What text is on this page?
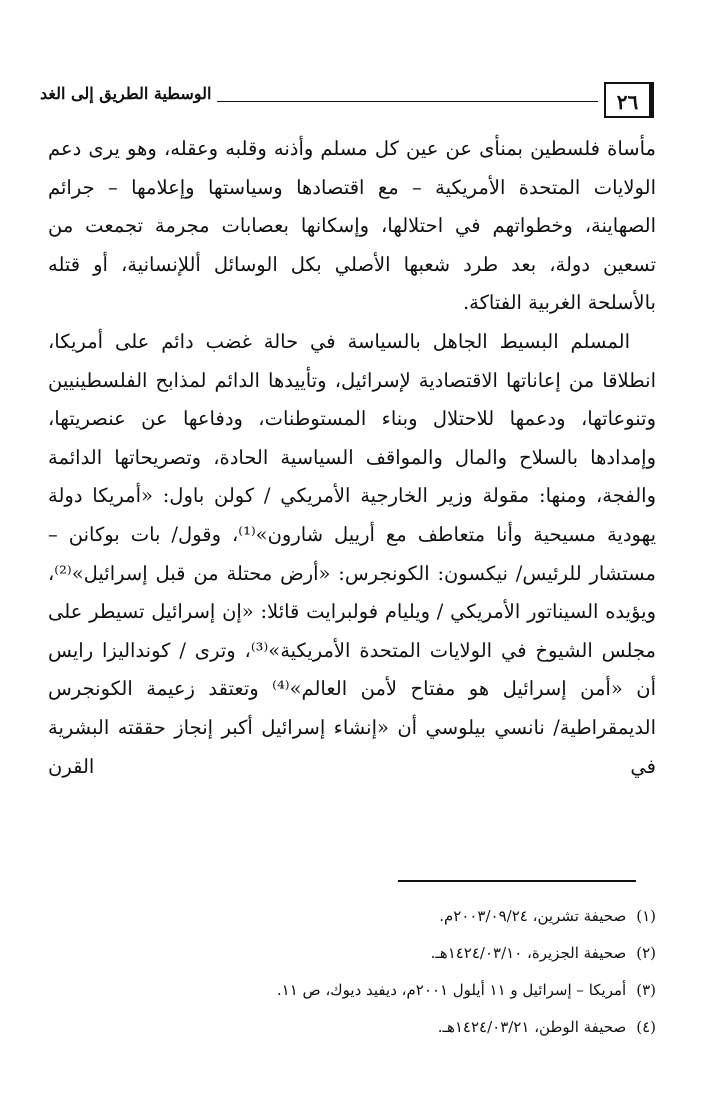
٢٦
الوسطية الطريق إلى الغد

مأساة فلسطين بمنأى عن عين كل مسلم وأذنه وقلبه وعقله، وهو يرى دعم الولايات المتحدة الأمريكية – مع اقتصادها وسياستها وإعلامها – جرائم الصهاينة، وخطواتهم في احتلالها، وإسكانها بعصابات مجرمة تجمعت من تسعين دولة، بعد طرد شعبها الأصلي بكل الوسائل أللإنسانية، أو قتله بالأسلحة الغربية الفتاكة.

المسلم البسيط الجاهل بالسياسة في حالة غضب دائم على أمريكا، انطلاقا من إعاناتها الاقتصادية لإسرائيل، وتأييدها الدائم لمذابح الفلسطينيين وتنوعاتها، ودعمها للاحتلال وبناء المستوطنات، ودفاعها عن عنصريتها، وإمدادها بالسلاح والمال والمواقف السياسية الحادة، وتصريحاتها الدائمة والفجة، ومنها: مقولة وزير الخارجية الأمريكي / كولن باول: «أمريكا دولة يهودية مسيحية وأنا متعاطف مع أرييل شارون»⁽¹⁾، وقول/ بات بوكانن – مستشار للرئيس/ نيكسون: الكونجرس: «أرض محتلة من قبل إسرائيل»⁽²⁾، ويؤيده السيناتور الأمريكي / ويليام فولبرايت قائلا: «إن إسرائيل تسيطر على مجلس الشيوخ في الولايات المتحدة الأمريكية»⁽³⁾، وترى / كونداليزا رايس أن «أمن إسرائيل هو مفتاح لأمن العالم»⁽⁴⁾ وتعتقد زعيمة الكونجرس الديمقراطية/ نانسي بيلوسي أن «إنشاء إسرائيل أكبر إنجاز حققته البشرية في القرن

(١)صحيفة تشرين، ٢٠٠٣/٠٩/٢٤م.
(٢)صحيفة الجزيرة، ١٤٢٤/٠٣/١٠هـ.
(٣)أمريكا – إسرائيل و ١١ أيلول ٢٠٠١م، ديفيد ديوك، ص ١١.
(٤)صحيفة الوطن، ١٤٢٤/٠٣/٢١هـ.
